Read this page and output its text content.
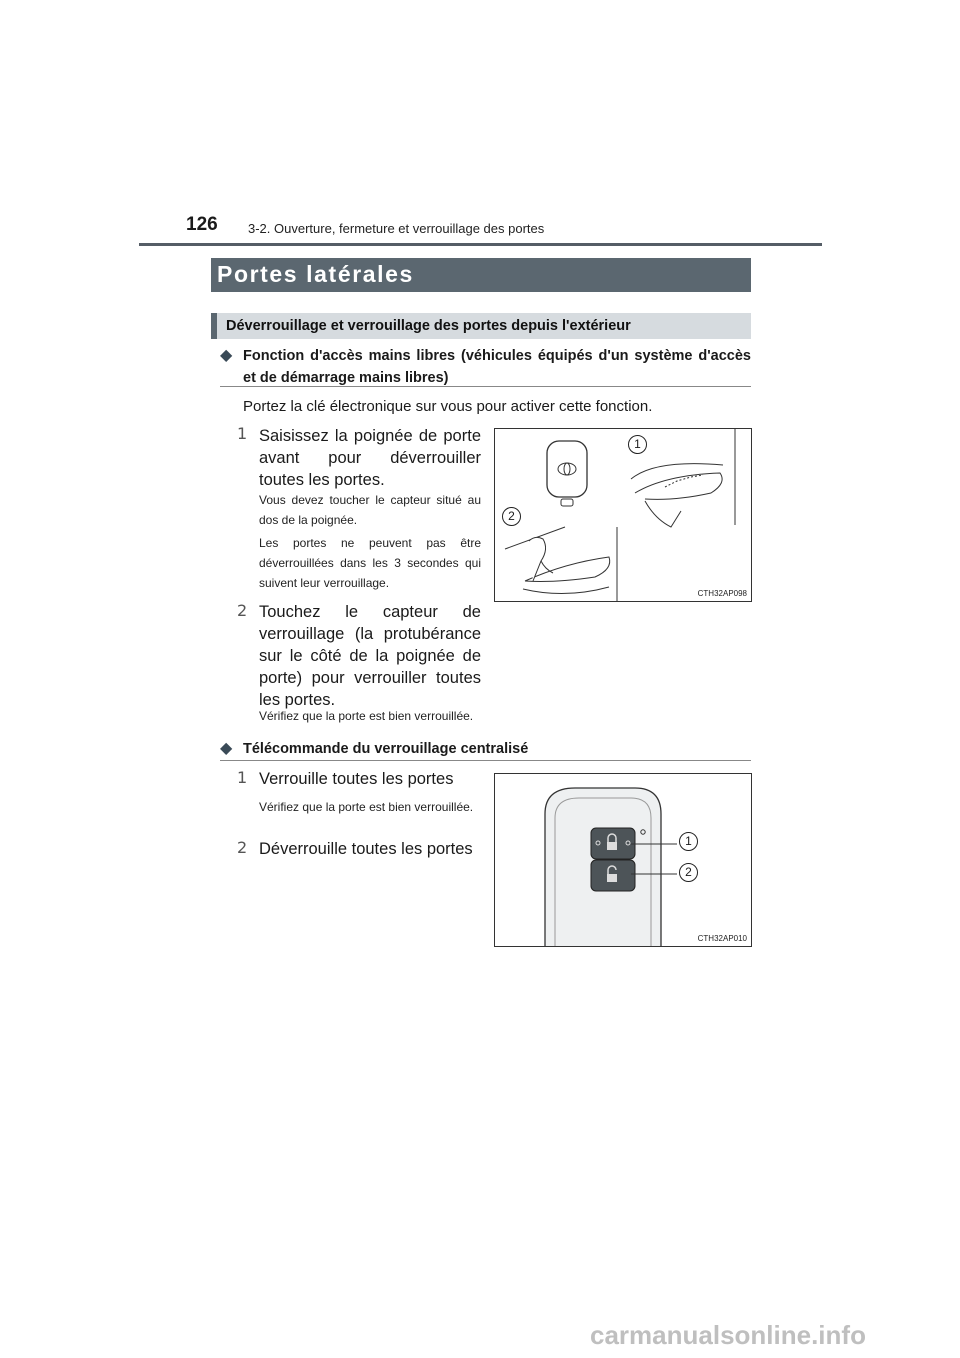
126 3-2. Ouverture, fermeture et verrouillage des portes
Portes latérales
Déverrouillage et verrouillage des portes depuis l'extérieur
◆ Fonction d'accès mains libres (véhicules équipés d'un système d'accès et de démarrage mains libres)
Portez la clé électronique sur vous pour activer cette fonction.
1 Saisissez la poignée de porte avant pour déverrouiller toutes les portes.
Vous devez toucher le capteur situé au dos de la poignée.
Les portes ne peuvent pas être déverrouillées dans les 3 secondes qui suivent leur verrouillage.
2 Touchez le capteur de verrouillage (la protubérance sur le côté de la poignée de porte) pour verrouiller toutes les portes.
Vérifiez que la porte est bien verrouillée.
1
2
CTH32AP098
◆ Télécommande du verrouillage centralisé
1 Verrouille toutes les portes
Vérifiez que la porte est bien verrouillée.
2 Déverrouille toutes les portes	1
2
CTH32AP010
carmanualsonline.info
